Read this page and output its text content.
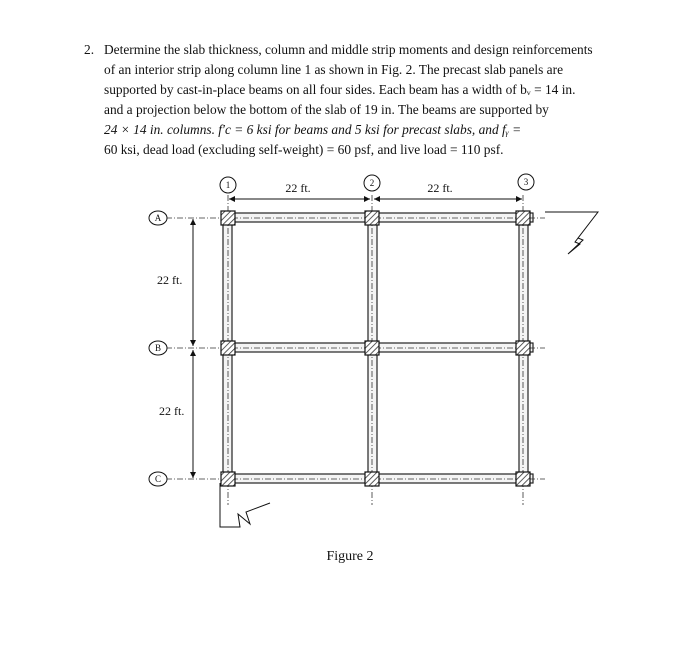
2. Determine the slab thickness, column and middle strip moments and design reinforcements

of an interior strip along column line 1 as shown in Fig. 2. The precast slab panels are

supported by cast-in-place beams on all four sides. Each beam has a width of bᵥ = 14 in.

and a projection below the bottom of the slab of 19 in. The beams are supported by

24 × 14 in. columns. f′c = 6 ksi for beams and 5 ksi for precast slabs, and fᵧ =

60 ksi, dead load (excluding self-weight) = 60 psf, and live load = 110 psf.

1	2	3
A
B
C
22 ft.	22 ft.
22 ft.
22 ft.
Figure 2
